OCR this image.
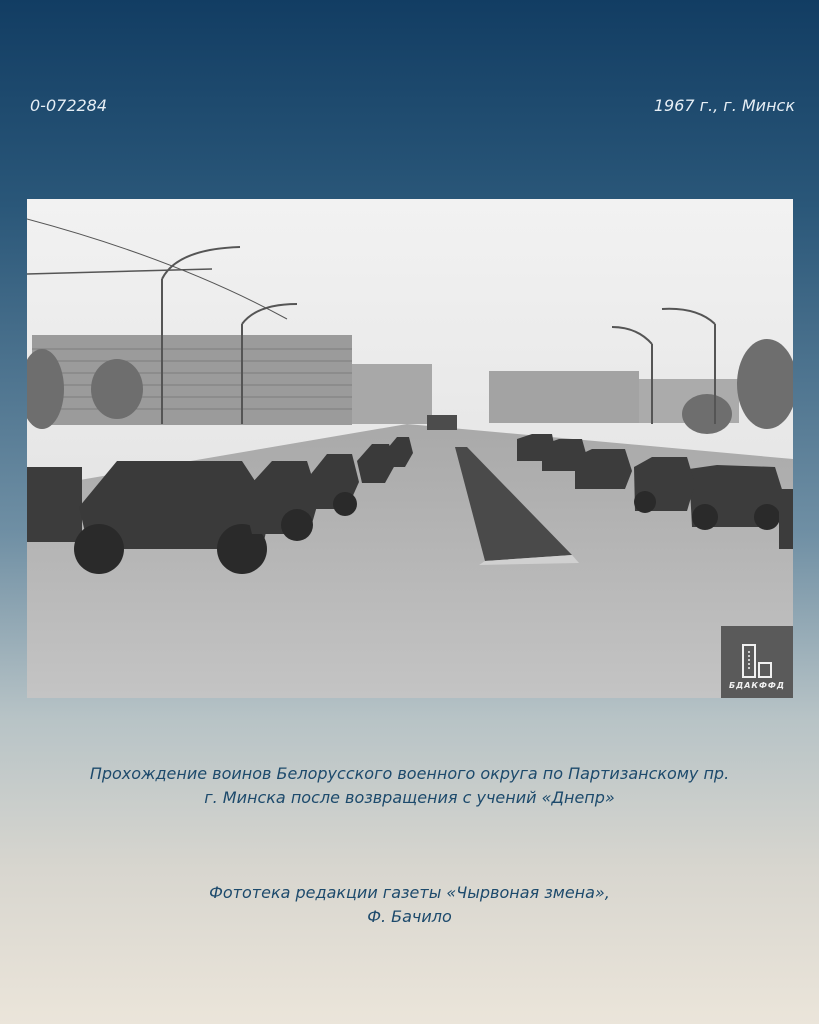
0-072284	1967 г., г. Минск
БДАКФФД
Прохождение воинов Белорусского военного округа по Партизанскому пр.
г. Минска после возвращения с учений «Днепр»
Фототека редакции газеты «Чырвоная змена»,
Ф. Бачило
